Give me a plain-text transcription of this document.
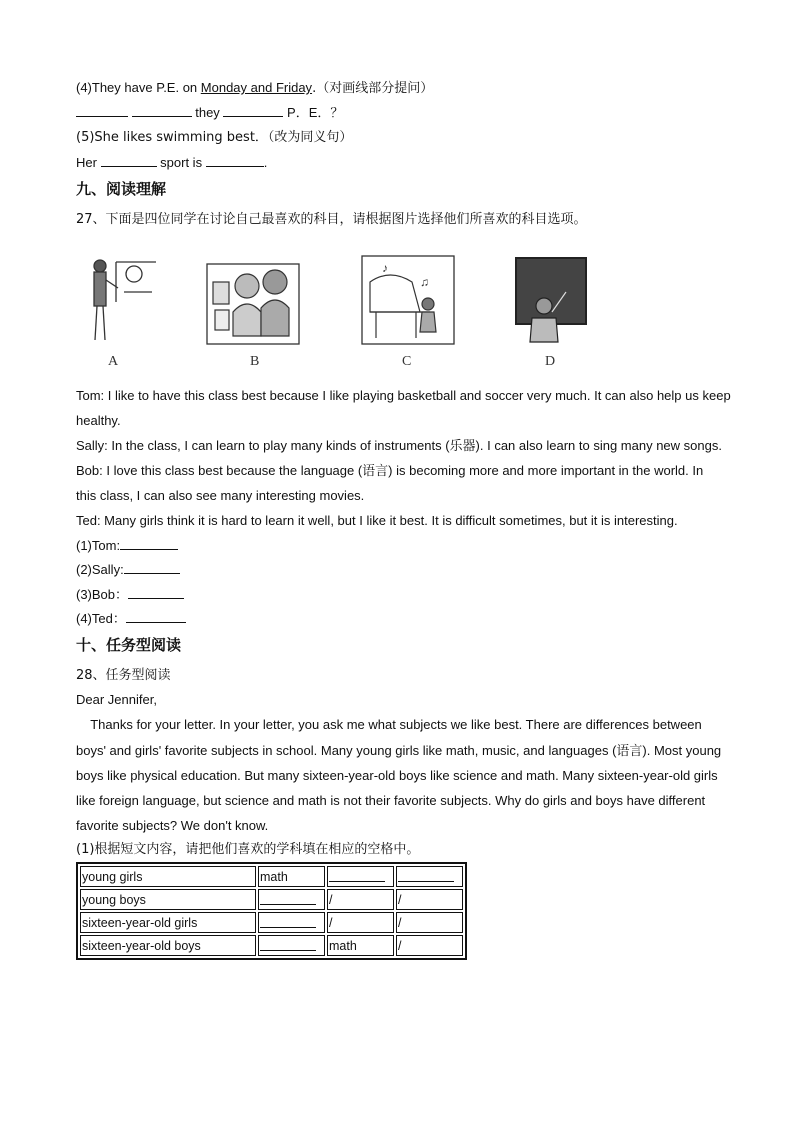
(4)They have P.E. on Monday and Friday.（对画线部分提问）
they	P．E．？
(5)She likes swimming best．（改为同义句）
Her	sport is	.
九、阅读理解
27、下面是四位同学在讨论自己最喜欢的科目，请根据图片选择他们所喜欢的科目选项。
A	B
♪
♫
C	D
Tom: I like to have this class best because I like playing basketball and soccer very much. It can also help us keep
healthy.
Sally: In the class, I can learn to play many kinds of instruments (乐器). I can also learn to sing many new songs.
Bob: I love this class best because the language (语言) is becoming more and more important in the world. In
this class, I can also see many interesting movies.
Ted: Many girls think it is hard to learn it well, but I like it best. It is difficult sometimes, but it is interesting.
(1)Tom:
(2)Sally:
(3)Bob：
(4)Ted：
十、任务型阅读
28、任务型阅读
Dear Jennifer,
Thanks for your letter. In your letter, you ask me what subjects we like best. There are differences between
boys' and girls' favorite subjects in school. Many young girls like math, music, and languages (语言). Most young
boys like physical education. But many sixteen-year-old boys like science and math. Many sixteen-year-old girls
like foreign language, but science and math is not their favorite subjects. Why do girls and boys have different
favorite subjects? We don't know.
(1)根据短文内容，请把他们喜欢的学科填在相应的空格中。
young girls	math		
young boys		/	/
sixteen-year-old girls		/	/
sixteen-year-old boys		math	/
